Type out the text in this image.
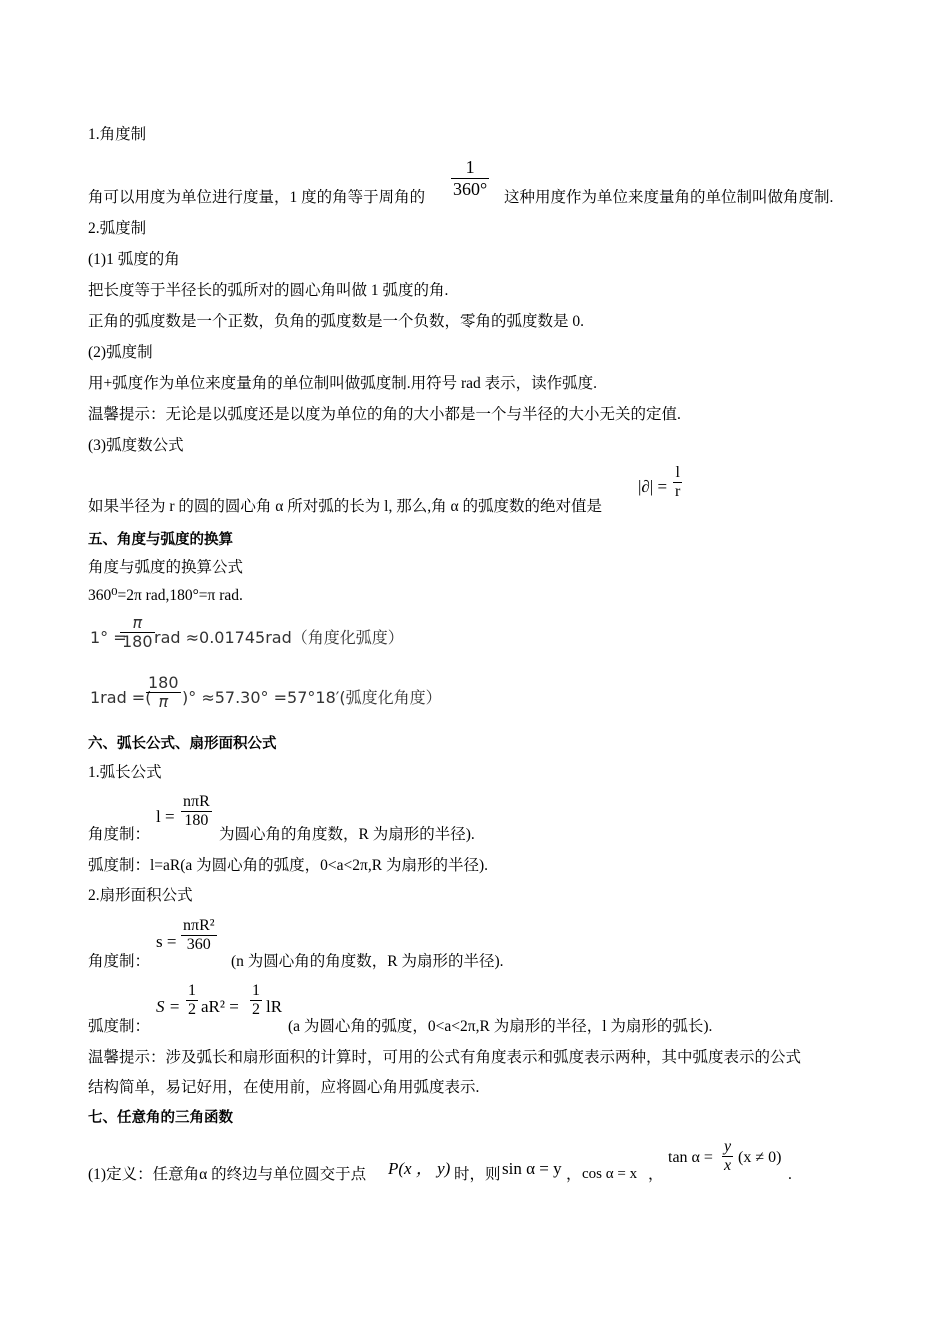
1.角度制
角可以用度为单位进行度量，1 度的角等于周角的 $\frac{1}{360^\circ}$ 这种用度作为单位来度量角的单位制叫做角度制.
2.弧度制
(1)1 弧度的角
把长度等于半径长的弧所对的圆心角叫做 1 弧度的角.
正角的弧度数是一个正数，负角的弧度数是一个负数，零角的弧度数是 0.
(2)弧度制
用+弧度作为单位来度量角的单位制叫做弧度制.用符号 rad 表示，读作弧度.
温馨提示：无论是以弧度还是以度为单位的角的大小都是一个与半径的大小无关的定值.
(3)弧度数公式
如果半径为 r 的圆的圆心角 α 所对弧的长为 l, 那么,角 α 的弧度数的绝对值是
|∂| = $\frac{l}{r}$
五、角度与弧度的换算
角度与弧度的换算公式
360⁰=2π rad,180°=π rad.
1° =
$\frac{\pi}{180}$ rad ≈0.01745rad（角度化弧度）
1rad =(
$\frac{180}{\pi}$ )° ≈57.30° =57°18′(弧度化角度）
六、弧长公式、扇形面积公式
1.弧长公式
角度制：
l =
nπR
180
为圆心角的角度数，R 为扇形的半径).
弧度制：l=aR(a 为圆心角的弧度，0<a<2π,R 为扇形的半径).
2.扇形面积公式
角度制：
s =
nπR²
360
(n 为圆心角的角度数，R 为扇形的半径).
弧度制：
$S = \frac{1}{2} aR^2 = \frac{1}{2}$ lR
(a 为圆心角的弧度，0<a<2π,R 为扇形的半径，l 为扇形的弧长).
温馨提示：涉及弧长和扇形面积的计算时，可用的公式有角度表示和弧度表示两种，其中弧度表示的公式
结构简单，易记好用，在使用前，应将圆心角用弧度表示.
七、任意角的三角函数
(1)定义：任意角α 的终边与单位圆交于点 P(x ， y) 时，则 sin α = y ， cos α = x ，
$\tan \alpha = \frac{y}{x} (x \ne 0)$
.
